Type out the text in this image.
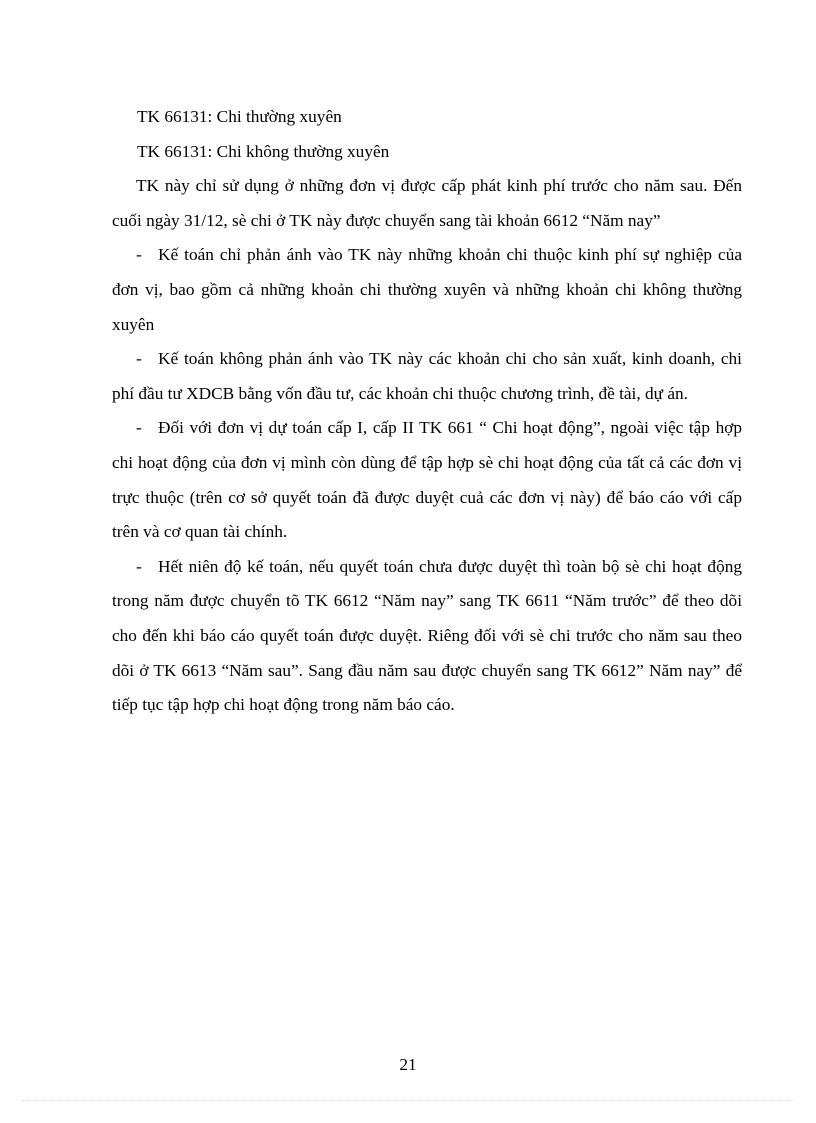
TK 66131: Chi thường xuyên

TK 66131: Chi không thường xuyên

TK này chỉ sử dụng ở những đơn vị được cấp phát kinh phí trước cho năm sau. Đến cuối ngày 31/12, sè chi ở TK này được chuyển sang tài khoản 6612 “Năm nay”

- Kế toán chỉ phản ánh vào TK này những khoản chi thuộc kinh phí sự nghiệp của đơn vị, bao gồm cả những khoản chi thường xuyên và những khoản chi không thường xuyên

- Kế toán không phản ánh vào TK này các khoản chi cho sản xuất, kinh doanh, chi phí đầu tư XDCB bằng vốn đầu tư, các khoản chi thuộc chương trình, đề tài, dự án.

- Đối với đơn vị dự toán cấp I, cấp II TK 661 “ Chi hoạt động”, ngoài việc tập hợp chi hoạt động của đơn vị mình còn dùng để tập hợp sè chi hoạt động của tất cả các đơn vị trực thuộc (trên cơ sở quyết toán đã được duyệt cuả các đơn vị này) để báo cáo với cấp trên và cơ quan tài chính.

- Hết niên độ kế toán, nếu quyết toán chưa được duyệt thì toàn bộ sè chi hoạt động trong năm được chuyển tõ TK 6612 “Năm nay” sang TK 6611 “Năm trước” để theo dõi cho đến khi báo cáo quyết toán được duyệt. Riêng đối với sè chi trước cho năm sau theo dõi ở TK 6613 “Năm sau”. Sang đầu năm sau được chuyển sang TK 6612” Năm nay” để tiếp tục tập hợp chi hoạt động trong năm báo cáo.

21
